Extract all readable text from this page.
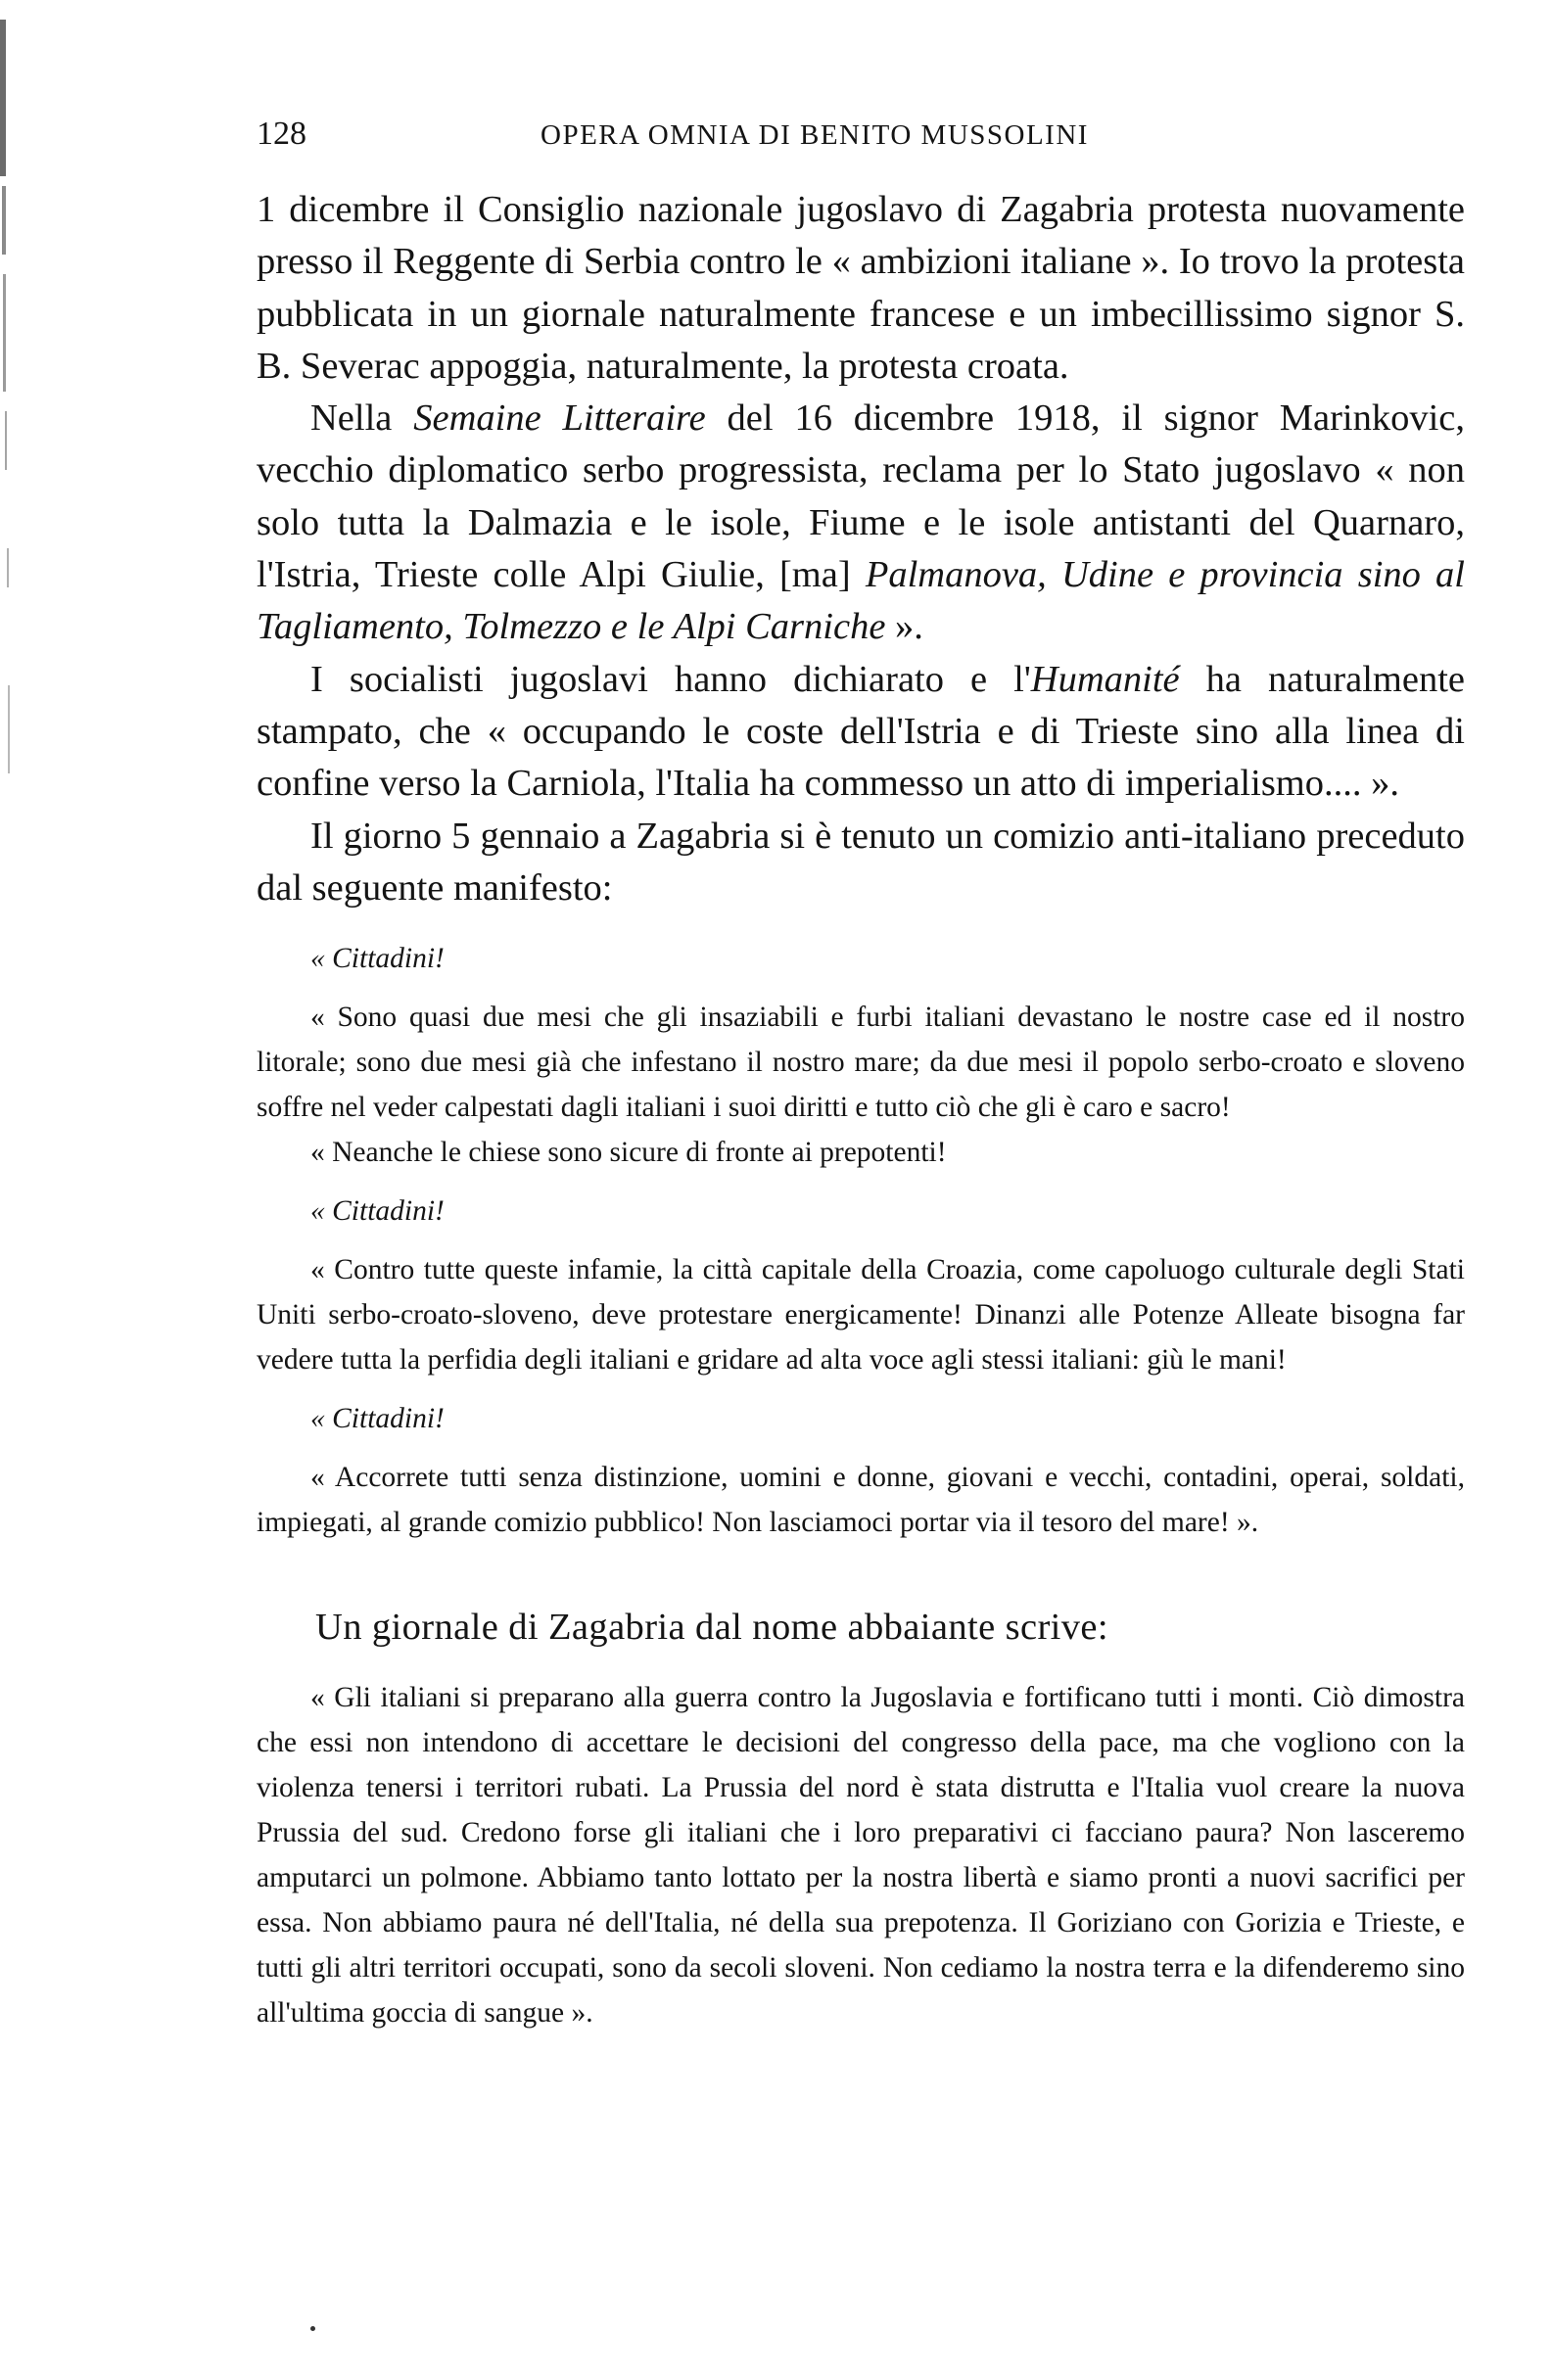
128	OPERA OMNIA DI BENITO MUSSOLINI

1 dicembre il Consiglio nazionale jugoslavo di Zagabria protesta nuovamente presso il Reggente di Serbia contro le « ambizioni italiane ». Io trovo la protesta pubblicata in un giornale naturalmente francese e un imbecillissimo signor S. B. Severac appoggia, naturalmente, la protesta croata.

Nella Semaine Litteraire del 16 dicembre 1918, il signor Marinkovic, vecchio diplomatico serbo progressista, reclama per lo Stato jugoslavo « non solo tutta la Dalmazia e le isole, Fiume e le isole antistanti del Quarnaro, l'Istria, Trieste colle Alpi Giulie, [ma] Palmanova, Udine e provincia sino al Tagliamento, Tolmezzo e le Alpi Carniche ».

I socialisti jugoslavi hanno dichiarato e l'Humanité ha naturalmente stampato, che « occupando le coste dell'Istria e di Trieste sino alla linea di confine verso la Carniola, l'Italia ha commesso un atto di imperialismo.... ».

Il giorno 5 gennaio a Zagabria si è tenuto un comizio anti-italiano preceduto dal seguente manifesto:

« Cittadini!

« Sono quasi due mesi che gli insaziabili e furbi italiani devastano le nostre case ed il nostro litorale; sono due mesi già che infestano il nostro mare; da due mesi il popolo serbo-croato e sloveno soffre nel veder calpestati dagli italiani i suoi diritti e tutto ciò che gli è caro e sacro!

« Neanche le chiese sono sicure di fronte ai prepotenti!

« Cittadini!

« Contro tutte queste infamie, la città capitale della Croazia, come capoluogo culturale degli Stati Uniti serbo-croato-sloveno, deve protestare energicamente! Dinanzi alle Potenze Alleate bisogna far vedere tutta la perfidia degli italiani e gridare ad alta voce agli stessi italiani: giù le mani!

« Cittadini!

« Accorrete tutti senza distinzione, uomini e donne, giovani e vecchi, contadini, operai, soldati, impiegati, al grande comizio pubblico! Non lasciamoci portar via il tesoro del mare! ».

Un giornale di Zagabria dal nome abbaiante scrive:

« Gli italiani si preparano alla guerra contro la Jugoslavia e fortificano tutti i monti. Ciò dimostra che essi non intendono di accettare le decisioni del congresso della pace, ma che vogliono con la violenza tenersi i territori rubati. La Prussia del nord è stata distrutta e l'Italia vuol creare la nuova Prussia del sud. Credono forse gli italiani che i loro preparativi ci facciano paura? Non lasceremo amputarci un polmone. Abbiamo tanto lottato per la nostra libertà e siamo pronti a nuovi sacrifici per essa. Non abbiamo paura né dell'Italia, né della sua prepotenza. Il Goriziano con Gorizia e Trieste, e tutti gli altri territori occupati, sono da secoli sloveni. Non cediamo la nostra terra e la difenderemo sino all'ultima goccia di sangue ».
